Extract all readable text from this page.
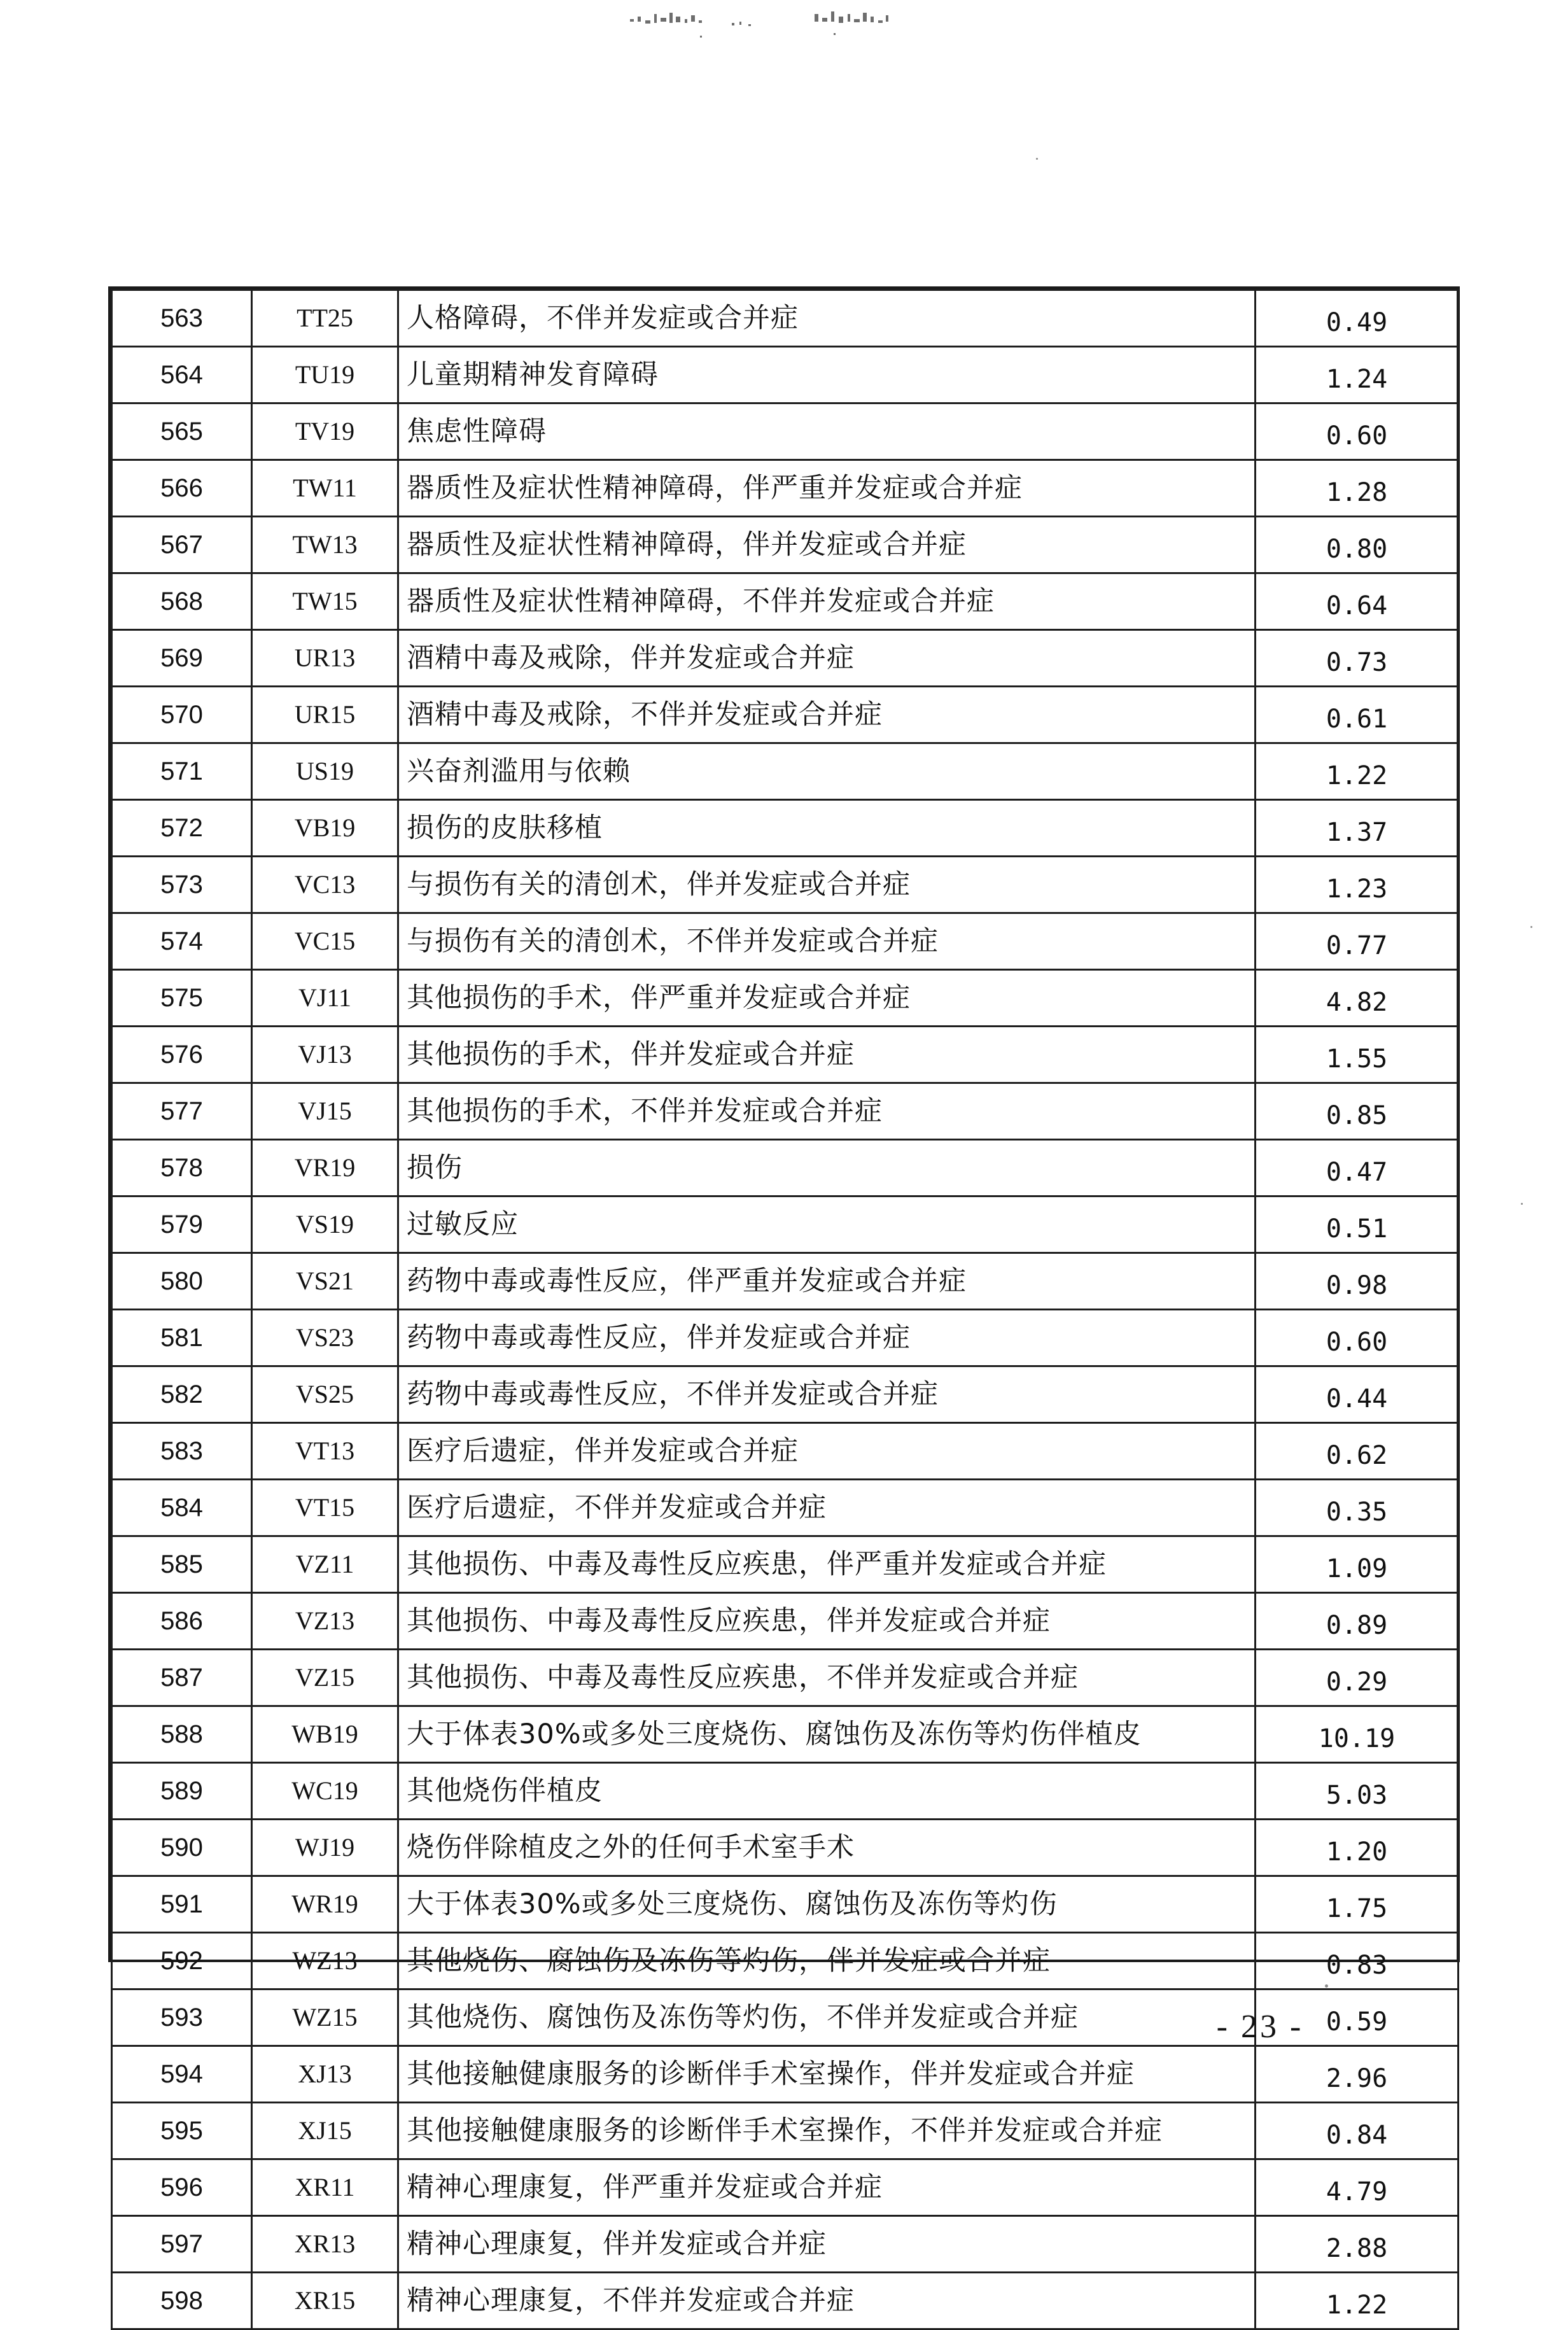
563	TT25	人格障碍，不伴并发症或合并症	0.49
564	TU19	儿童期精神发育障碍	1.24
565	TV19	焦虑性障碍	0.60
566	TW11	器质性及症状性精神障碍，伴严重并发症或合并症	1.28
567	TW13	器质性及症状性精神障碍，伴并发症或合并症	0.80
568	TW15	器质性及症状性精神障碍，不伴并发症或合并症	0.64
569	UR13	酒精中毒及戒除，伴并发症或合并症	0.73
570	UR15	酒精中毒及戒除，不伴并发症或合并症	0.61
571	US19	兴奋剂滥用与依赖	1.22
572	VB19	损伤的皮肤移植	1.37
573	VC13	与损伤有关的清创术，伴并发症或合并症	1.23
574	VC15	与损伤有关的清创术，不伴并发症或合并症	0.77
575	VJ11	其他损伤的手术，伴严重并发症或合并症	4.82
576	VJ13	其他损伤的手术，伴并发症或合并症	1.55
577	VJ15	其他损伤的手术，不伴并发症或合并症	0.85
578	VR19	损伤	0.47
579	VS19	过敏反应	0.51
580	VS21	药物中毒或毒性反应，伴严重并发症或合并症	0.98
581	VS23	药物中毒或毒性反应，伴并发症或合并症	0.60
582	VS25	药物中毒或毒性反应，不伴并发症或合并症	0.44
583	VT13	医疗后遗症，伴并发症或合并症	0.62
584	VT15	医疗后遗症，不伴并发症或合并症	0.35
585	VZ11	其他损伤、中毒及毒性反应疾患，伴严重并发症或合并症	1.09
586	VZ13	其他损伤、中毒及毒性反应疾患，伴并发症或合并症	0.89
587	VZ15	其他损伤、中毒及毒性反应疾患，不伴并发症或合并症	0.29
588	WB19	大于体表30%或多处三度烧伤、腐蚀伤及冻伤等灼伤伴植皮	10.19
589	WC19	其他烧伤伴植皮	5.03
590	WJ19	烧伤伴除植皮之外的任何手术室手术	1.20
591	WR19	大于体表30%或多处三度烧伤、腐蚀伤及冻伤等灼伤	1.75
592	WZ13	其他烧伤、腐蚀伤及冻伤等灼伤，伴并发症或合并症	0.83
593	WZ15	其他烧伤、腐蚀伤及冻伤等灼伤，不伴并发症或合并症	0.59
594	XJ13	其他接触健康服务的诊断伴手术室操作，伴并发症或合并症	2.96
595	XJ15	其他接触健康服务的诊断伴手术室操作，不伴并发症或合并症	0.84
596	XR11	精神心理康复，伴严重并发症或合并症	4.79
597	XR13	精神心理康复，伴并发症或合并症	2.88
598	XR15	精神心理康复，不伴并发症或合并症	1.22
- 23 -
